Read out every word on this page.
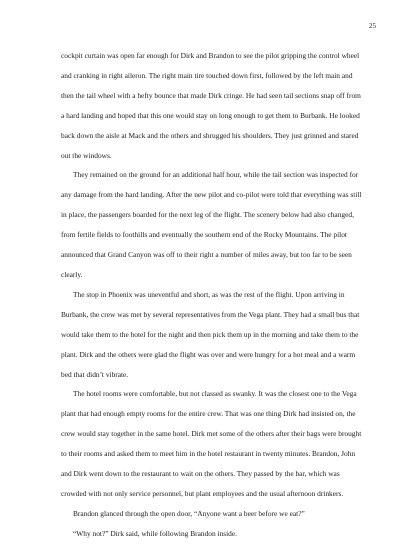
25

cockpit curtain was open far enough for Dirk and Brandon to see the pilot gripping the control wheel and cranking in right aileron. The right main tire touched down first, followed by the left main and then the tail wheel with a hefty bounce that made Dirk cringe. He had seen tail sections snap off from a hard landing and hoped that this one would stay on long enough to get them to Burbank. He looked back down the aisle at Mack and the others and shrugged his shoulders. They just grinned and stared out the windows.

They remained on the ground for an additional half hour, while the tail section was inspected for any damage from the hard landing. After the new pilot and co-pilot were told that everything was still in place, the passengers boarded for the next leg of the flight. The scenery below had also changed, from fertile fields to foothills and eventually the southern end of the Rocky Mountains. The pilot announced that Grand Canyon was off to their right a number of miles away, but too far to be seen clearly.

The stop in Phoenix was uneventful and short, as was the rest of the flight. Upon arriving in Burbank, the crew was met by several representatives from the Vega plant. They had a small bus that would take them to the hotel for the night and then pick them up in the morning and take them to the plant. Dirk and the others were glad the flight was over and were hungry for a hot meal and a warm bed that didn’t vibrate.

The hotel rooms were comfortable, but not classed as swanky. It was the closest one to the Vega plant that had enough empty rooms for the entire crew. That was one thing Dirk had insisted on, the crew would stay together in the same hotel. Dirk met some of the others after their bags were brought to their rooms and asked them to meet him in the hotel restaurant in twenty minutes. Brandon, John and Dirk went down to the restaurant to wait on the others. They passed by the bar, which was crowded with not only service personnel, but plant employees and the usual afternoon drinkers.

Brandon glanced through the open door, “Anyone want a beer before we eat?”

“Why not?” Dirk said, while following Brandon inside.
